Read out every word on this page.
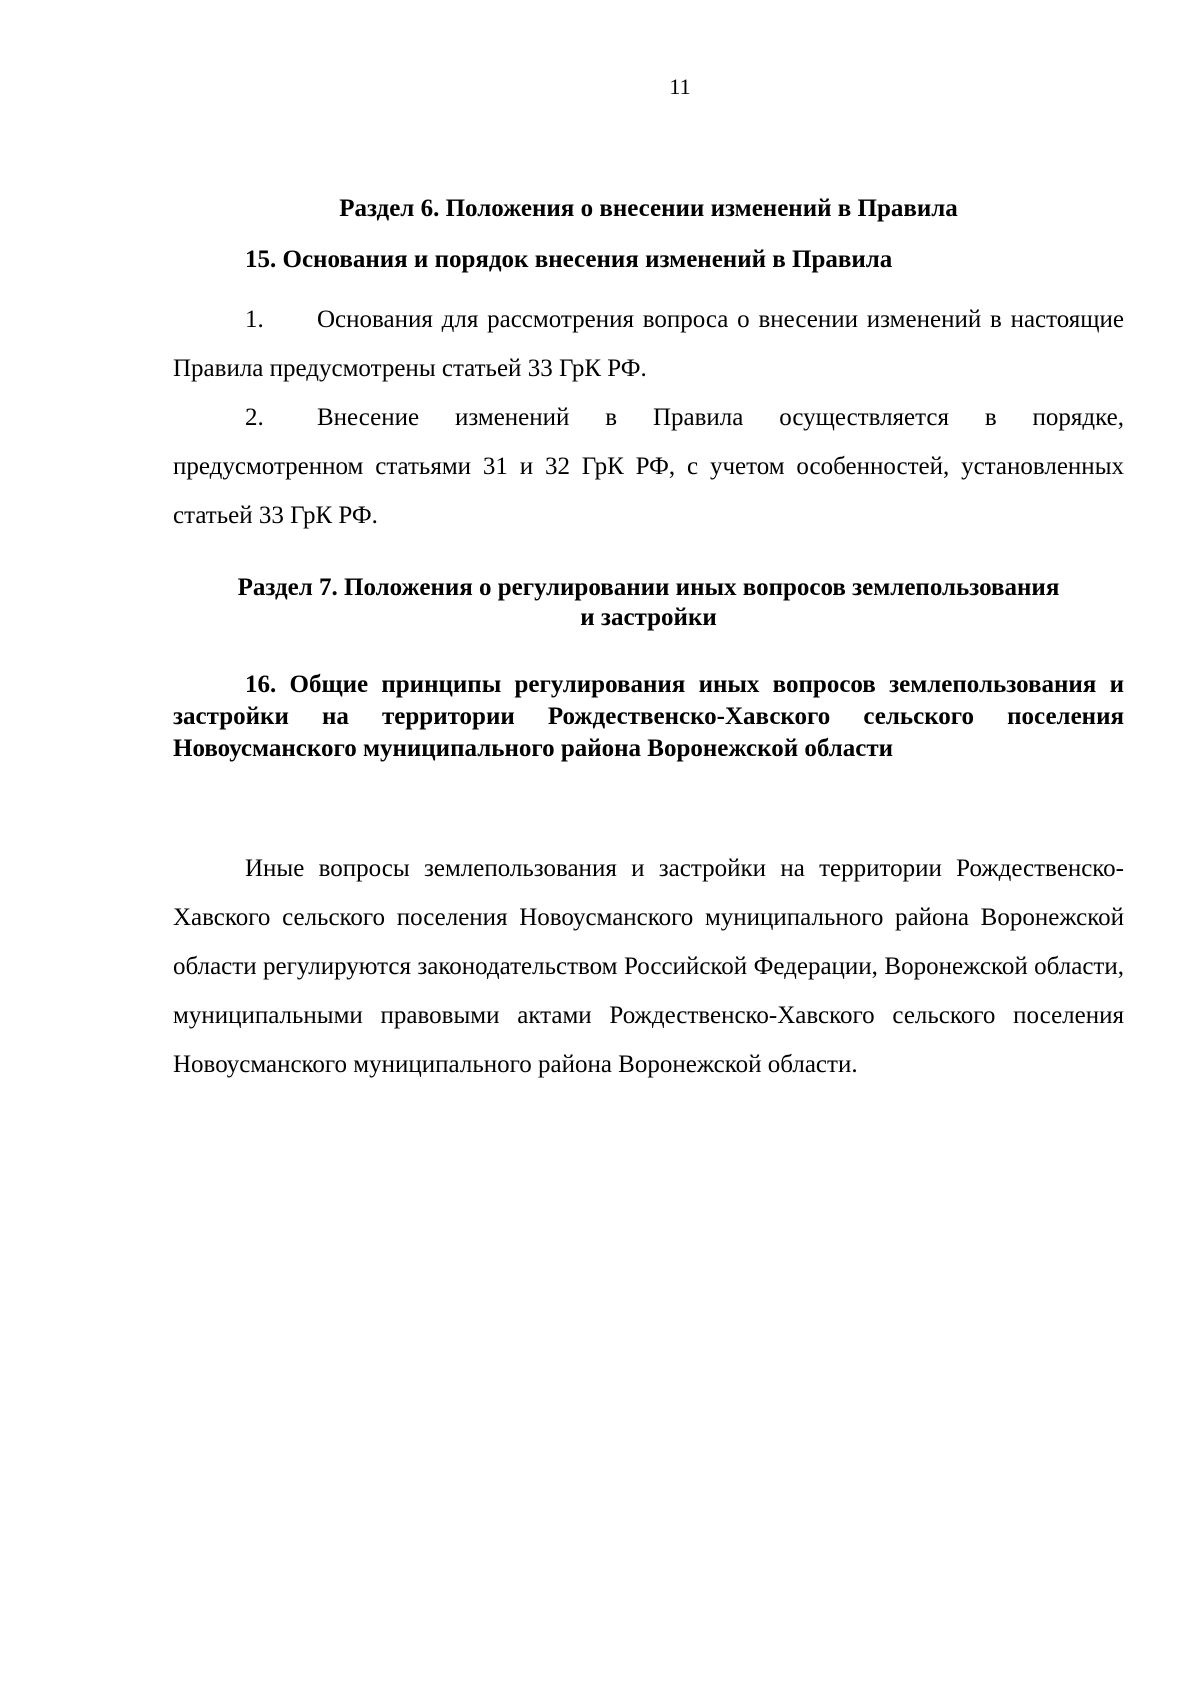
11
Раздел 6. Положения о внесении изменений в Правила
15. Основания и порядок внесения изменений в Правила
1. Основания для рассмотрения вопроса о внесении изменений в настоящие Правила предусмотрены статьей 33 ГрК РФ.
2. Внесение изменений в Правила осуществляется в порядке, предусмотренном статьями 31 и 32 ГрК РФ, с учетом особенностей, установленных статьей 33 ГрК РФ.
Раздел 7. Положения о регулировании иных вопросов землепользования
и застройки
16. Общие принципы регулирования иных вопросов землепользования и застройки на территории Рождественско-Хавского сельского поселения Новоусманского муниципального района Воронежской области
Иные вопросы землепользования и застройки на территории Рождественско-Хавского сельского поселения Новоусманского муниципального района Воронежской области регулируются законодательством Российской Федерации, Воронежской области, муниципальными правовыми актами Рождественско-Хавского сельского поселения Новоусманского муниципального района Воронежской области.
